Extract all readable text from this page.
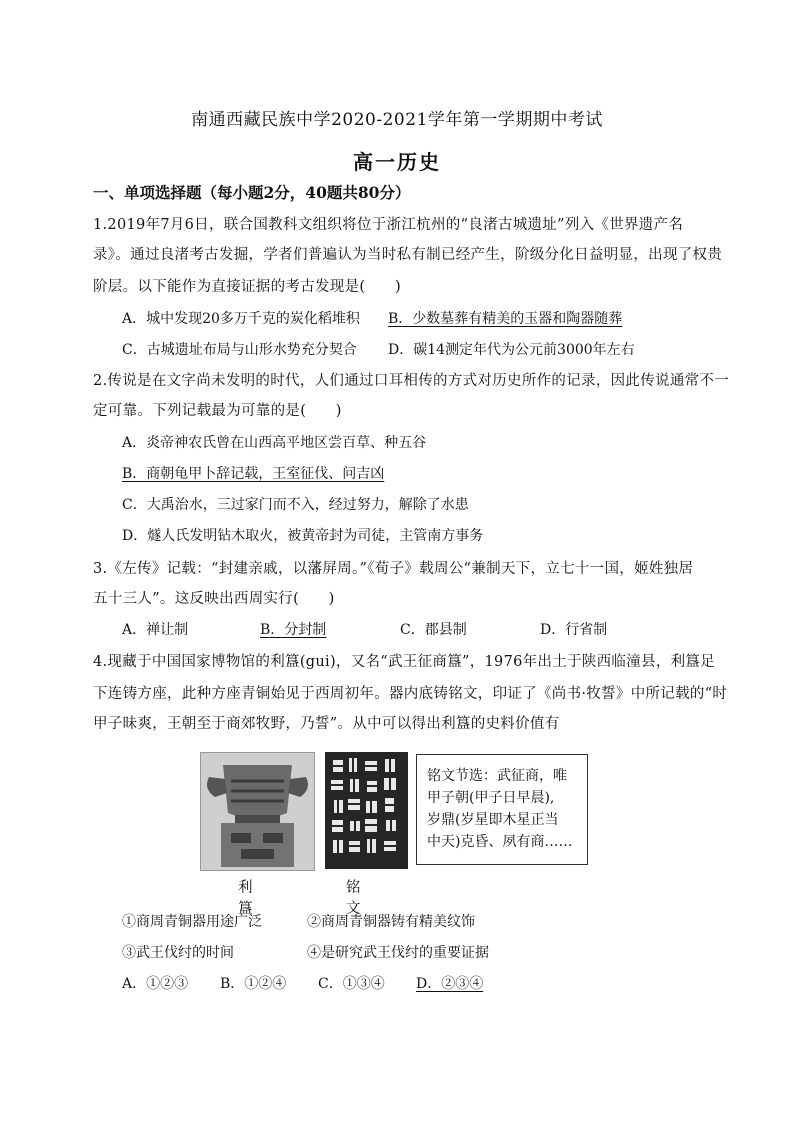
南通西藏民族中学2020-2021学年第一学期期中考试
高一历史
一、单项选择题（每小题2分，40题共80分）
1.2019年7月6日，联合国教科文组织将位于浙江杭州的“良渚古城遗址”列入《世界遗产名
录》。通过良渚考古发掘，学者们普遍认为当时私有制已经产生，阶级分化日益明显，出现了权贵
阶层。以下能作为直接证据的考古发现是(　　)
A．城中发现20多万千克的炭化稻堆积 B．少数墓葬有精美的玉器和陶器随葬
C．古城遗址布局与山形水势充分契合 D．碳14测定年代为公元前3000年左右
2.传说是在文字尚未发明的时代，人们通过口耳相传的方式对历史所作的记录，因此传说通常不一
定可靠。下列记载最为可靠的是(　　)
A．炎帝神农氏曾在山西高平地区尝百草、种五谷
B．商朝龟甲卜辞记载，王室征伐、问吉凶
C．大禹治水，三过家门而不入，经过努力，解除了水患
D．燧人氏发明钻木取火，被黄帝封为司徒，主管南方事务
3.《左传》记载：“封建亲戚，以藩屏周。”《荀子》载周公“兼制天下，立七十一国，姬姓独居
五十三人”。这反映出西周实行(　　)
A．禅让制	B．分封制	C．郡县制	D．行省制
4.现藏于中国国家博物馆的利簋(gui)，又名“武王征商簋”，1976年出土于陕西临潼县，利簋足
下连铸方座，此种方座青铜始见于西周初年。器内底铸铭文，印证了《尚书·牧誓》中所记载的“时
甲子昧爽，王朝至于商郊牧野，乃誓”。从中可以得出利簋的史料价值有
铭文节选：武征商，唯
甲子朝(甲子日早晨),
岁鼎(岁星即木星正当
中天)克昏、夙有商……
利簋
铭文
①商周青铜器用途广泛	②商周青铜器铸有精美纹饰
③武王伐纣的时间	④是研究武王伐纣的重要证据
A．①②③ B．①②④ C．①③④ D．②③④
